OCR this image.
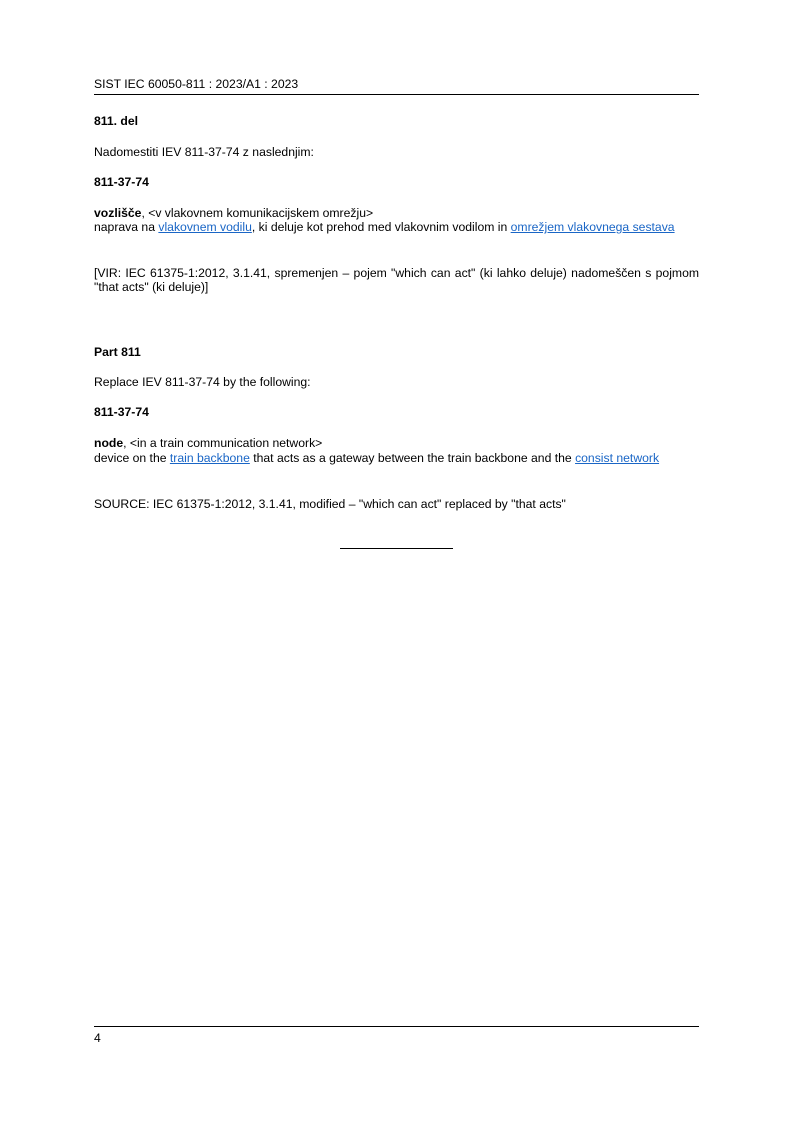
SIST IEC 60050-811 : 2023/A1 : 2023
811. del
Nadomestiti IEV 811-37-74 z naslednjim:
811-37-74
vozlišče, <v vlakovnem komunikacijskem omrežju>
naprava na vlakovnem vodilu, ki deluje kot prehod med vlakovnim vodilom in omrežjem vlakovnega sestava
[VIR: IEC 61375-1:2012, 3.1.41, spremenjen – pojem "which can act" (ki lahko deluje) nadomeščen s pojmom "that acts" (ki deluje)]
Part 811
Replace IEV 811-37-74 by the following:
811-37-74
node, <in a train communication network>
device on the train backbone that acts as a gateway between the train backbone and the consist network
SOURCE: IEC 61375-1:2012, 3.1.41, modified – "which can act" replaced by "that acts"
4
